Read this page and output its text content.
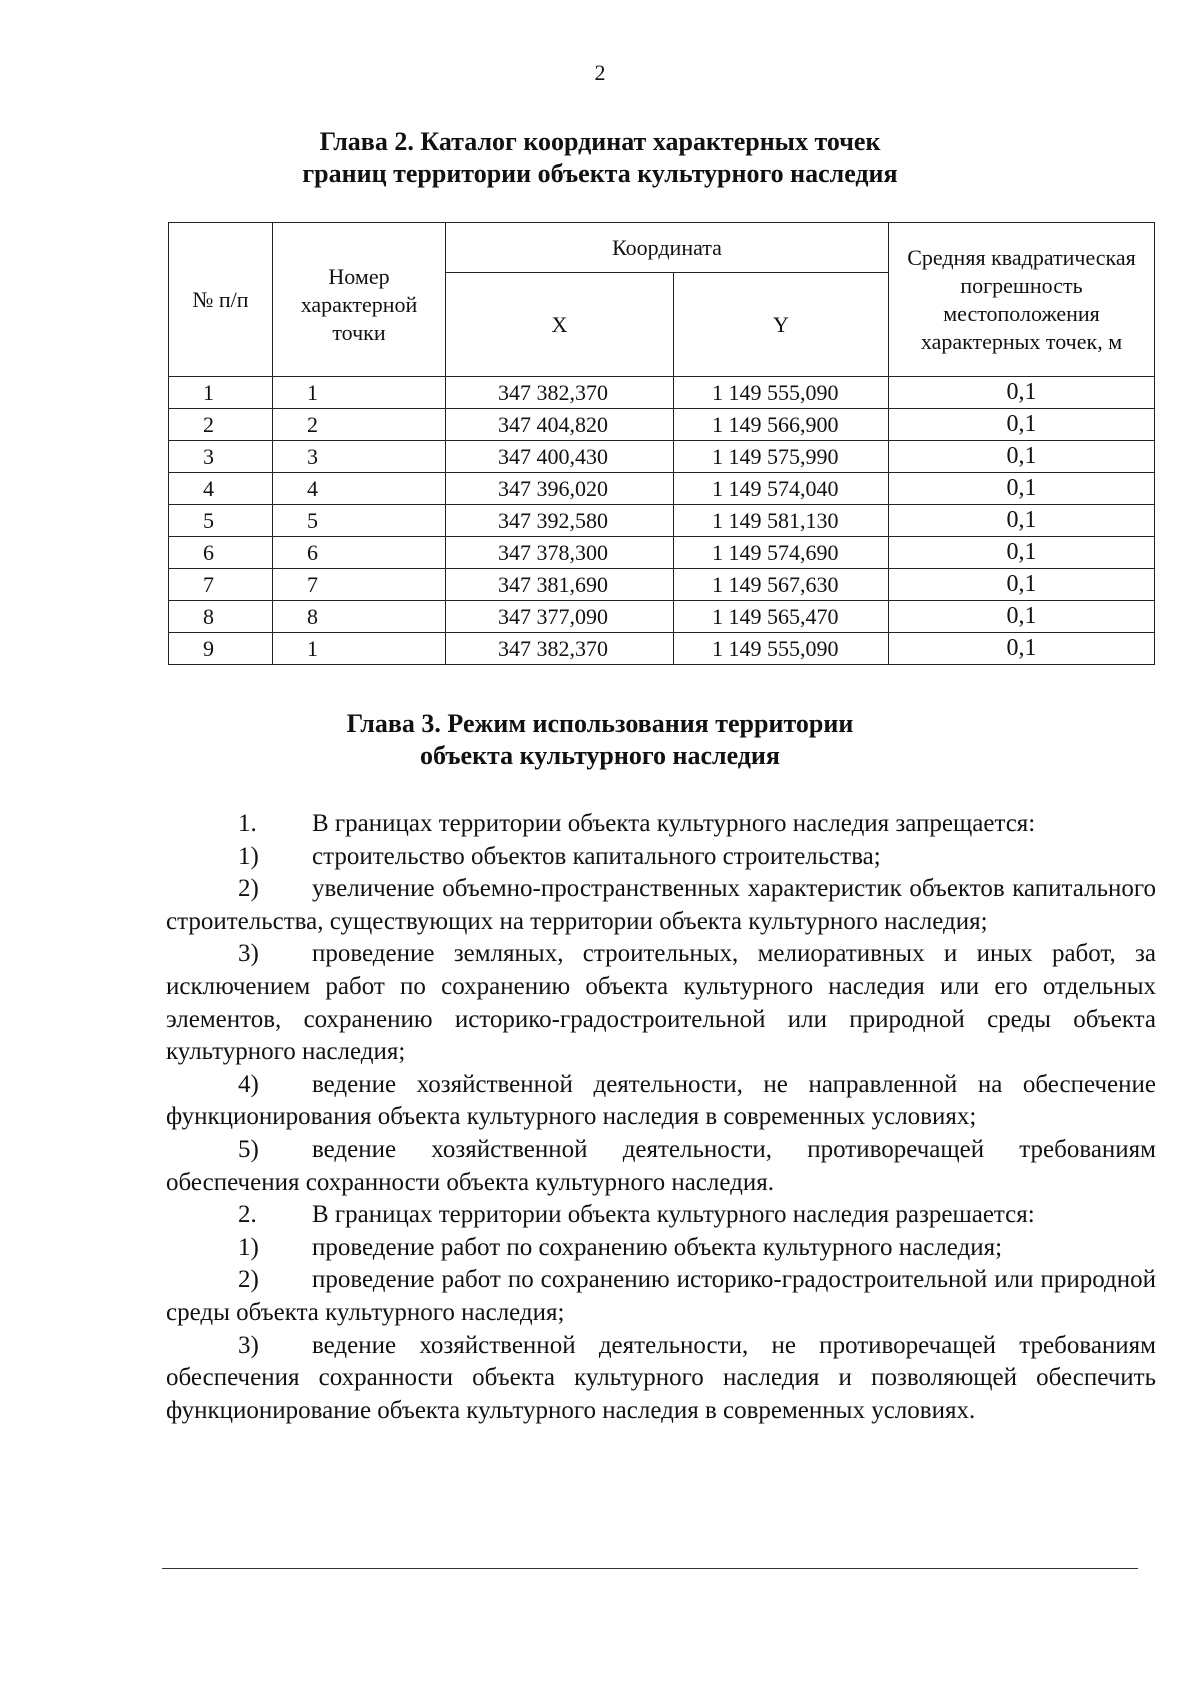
2
Глава 2. Каталог координат характерных точек
границ территории объекта культурного наследия
№ п/п	Номер характерной точки	Координата		Средняя квадратическая погрешность местоположения характерных точек, м
		X	Y	
1	1	347 382,370	1 149 555,090	0,1
2	2	347 404,820	1 149 566,900	0,1
3	3	347 400,430	1 149 575,990	0,1
4	4	347 396,020	1 149 574,040	0,1
5	5	347 392,580	1 149 581,130	0,1
6	6	347 378,300	1 149 574,690	0,1
7	7	347 381,690	1 149 567,630	0,1
8	8	347 377,090	1 149 565,470	0,1
9	1	347 382,370	1 149 555,090	0,1
Глава 3. Режим использования территории
объекта культурного наследия
1. В границах территории объекта культурного наследия запрещается:
1) строительство объектов капитального строительства;
2) увеличение объемно-пространственных характеристик объектов капитального строительства, существующих на территории объекта культурного наследия;
3) проведение земляных, строительных, мелиоративных и иных работ, за исключением работ по сохранению объекта культурного наследия или его отдельных элементов, сохранению историко-градостроительной или природной среды объекта культурного наследия;
4) ведение хозяйственной деятельности, не направленной на обеспечение функционирования объекта культурного наследия в современных условиях;
5) ведение хозяйственной деятельности, противоречащей требованиям обеспечения сохранности объекта культурного наследия.
2. В границах территории объекта культурного наследия разрешается:
1) проведение работ по сохранению объекта культурного наследия;
2) проведение работ по сохранению историко-градостроительной или природной среды объекта культурного наследия;
3) ведение хозяйственной деятельности, не противоречащей требованиям обеспечения сохранности объекта культурного наследия и позволяющей обеспечить функционирование объекта культурного наследия в современных условиях.
